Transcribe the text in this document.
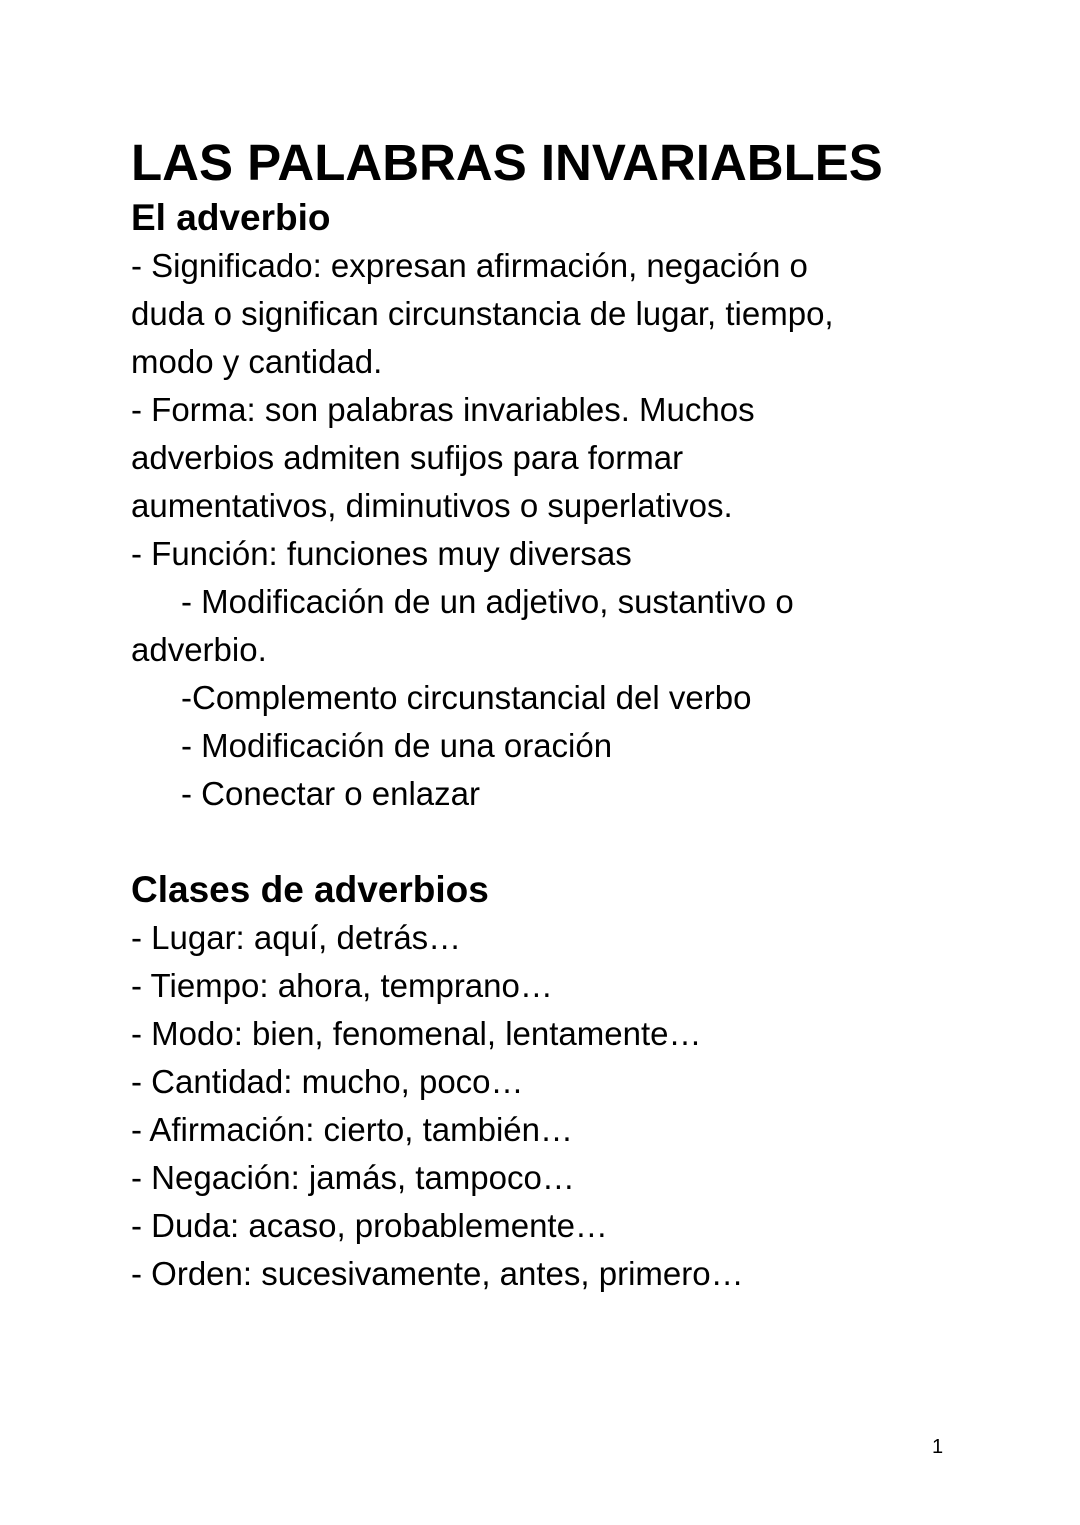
LAS PALABRAS INVARIABLES
El adverbio

- Significado: expresan afirmación, negación o

duda o significan circunstancia de lugar, tiempo,

modo y cantidad.

- Forma: son palabras invariables. Muchos

adverbios admiten sufijos para formar

aumentativos, diminutivos o superlativos.

- Función: funciones muy diversas

- Modificación de un adjetivo, sustantivo o

adverbio.

-Complemento circunstancial del verbo

- Modificación de una oración

- Conectar o enlazar

Clases de adverbios

- Lugar: aquí, detrás…

- Tiempo: ahora, temprano…

- Modo: bien, fenomenal, lentamente…

- Cantidad: mucho, poco…

- Afirmación: cierto, también…

- Negación: jamás, tampoco…

- Duda: acaso, probablemente…

- Orden: sucesivamente, antes, primero…

1
